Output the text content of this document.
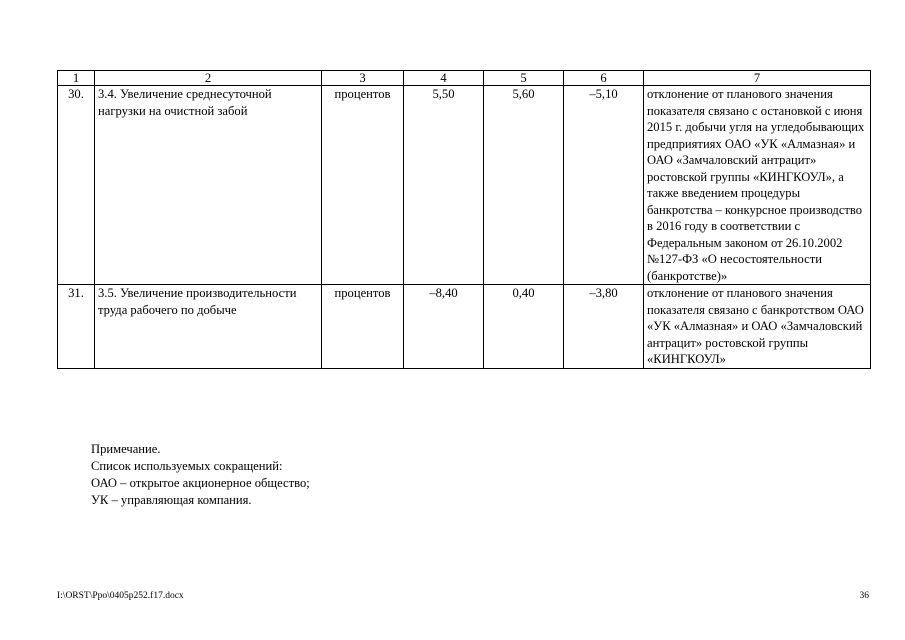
1	2	3	4	5	6	7
30.	3.4. Увеличение среднесуточной нагрузки на очистной забой	процентов	5,50	5,60	–5,10	отклонение от планового значения показателя связано с остановкой с июня 2015 г. добычи угля на угледобывающих предприятиях ОАО «УК «Алмазная» и ОАО «Замчаловский антрацит» ростовской группы «КИНГКОУЛ», а также введением процедуры банкротства – конкурсное производство в 2016 году в соответствии с Федеральным законом от 26.10.2002 №127-ФЗ «О несостоятельности (банкротстве)»
31.	3.5. Увеличение производительности труда рабочего по добыче	процентов	–8,40	0,40	–3,80	отклонение от планового значения показателя связано с банкротством ОАО «УК «Алмазная» и ОАО «Замчаловский антрацит» ростовской группы «КИНГКОУЛ»
Примечание.
Список используемых сокращений:
ОАО – открытое акционерное общество;
УК – управляющая компания.
I:\ORST\Ppo\0405p252.f17.docx	36
